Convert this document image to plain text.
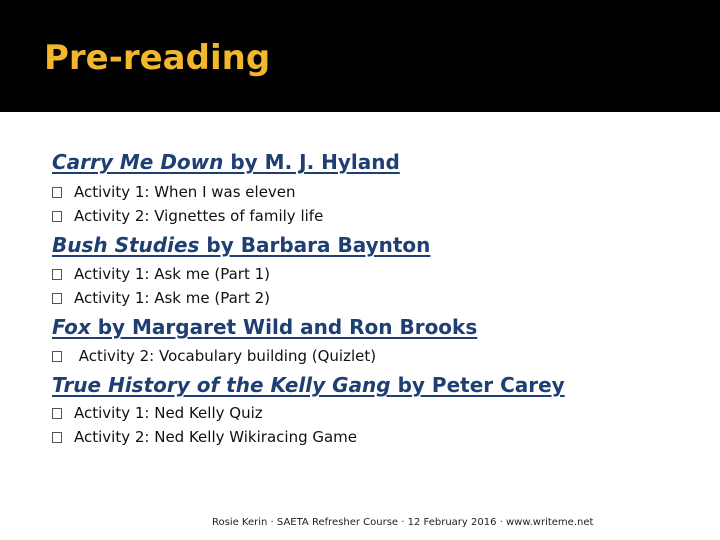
Pre-reading
Carry Me Down by M. J. Hyland
Activity 1: When I was eleven
Activity 2: Vignettes of family life
Bush Studies by Barbara Baynton
Activity 1: Ask me (Part 1)
Activity 1: Ask me (Part 2)
Fox by Margaret Wild and Ron Brooks
Activity 2: Vocabulary building (Quizlet)
True History of the Kelly Gang by Peter Carey
Activity 1: Ned Kelly Quiz
Activity 2: Ned Kelly Wikiracing Game
Rosie Kerin · SAETA Refresher Course · 12 February 2016 · www.writeme.net
